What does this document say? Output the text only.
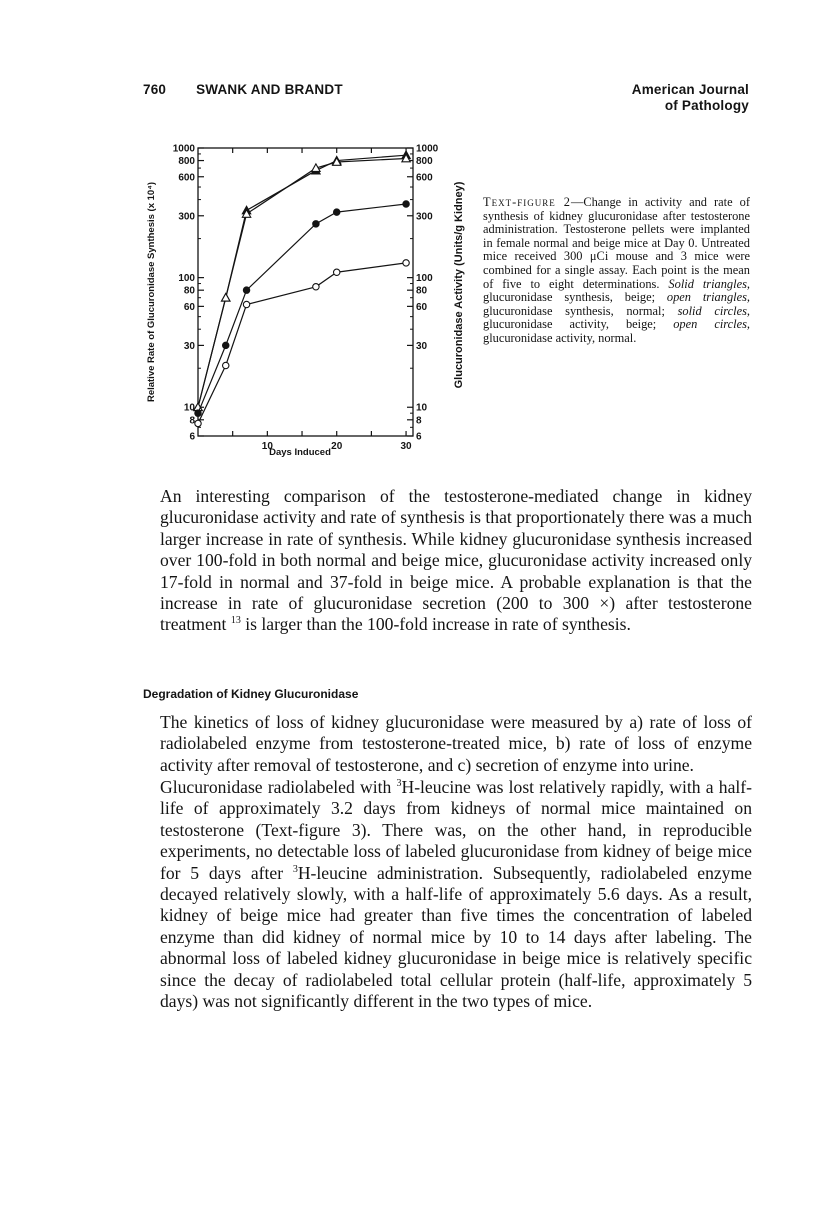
760 SWANK AND BRANDT	American Journal
of Pathology
6
8
10
30
60
80
100
300
600
800
1000
6
8
10
30
60
80
100
300
600
800
1000
10	20	30
Relative Rate of Glucuronidase Synthesis (x 10⁴)	Glucuronidase Activity (Units/g Kidney)
Days Induced
Text-figure 2—Change in activity and rate of synthesis of kidney glucuronidase after testosterone administration. Testosterone pellets were implanted in female normal and beige mice at Day 0. Untreated mice received 300 μCi mouse and 3 mice were combined for a single assay. Each point is the mean of five to eight determinations. Solid triangles, glucuronidase synthesis, beige; open triangles, glucuronidase synthesis, normal; solid circles, glucuronidase activity, beige; open circles, glucuronidase activity, normal.

An interesting comparison of the testosterone-mediated change in kidney glucuronidase activity and rate of synthesis is that proportionately there was a much larger increase in rate of synthesis. While kidney glucuronidase synthesis increased over 100-fold in both normal and beige mice, glucuronidase activity increased only 17-fold in normal and 37-fold in beige mice. A probable explanation is that the increase in rate of glucuronidase secretion (200 to 300 ×) after testosterone treatment $^{13}$ is larger than the 100-fold increase in rate of synthesis.

Degradation of Kidney Glucuronidase

The kinetics of loss of kidney glucuronidase were measured by a) rate of loss of radiolabeled enzyme from testosterone-treated mice, b) rate of loss of enzyme activity after removal of testosterone, and c) secretion of enzyme into urine.

Glucuronidase radiolabeled with $^3$H-leucine was lost relatively rapidly, with a half-life of approximately 3.2 days from kidneys of normal mice maintained on testosterone (Text-figure 3). There was, on the other hand, in reproducible experiments, no detectable loss of labeled glucuronidase from kidney of beige mice for 5 days after $^3$H-leucine administration. Subsequently, radiolabeled enzyme decayed relatively slowly, with a half-life of approximately 5.6 days. As a result, kidney of beige mice had greater than five times the concentration of labeled enzyme than did kidney of normal mice by 10 to 14 days after labeling. The abnormal loss of labeled kidney glucuronidase in beige mice is relatively specific since the decay of radiolabeled total cellular protein (half-life, approximately 5 days) was not significantly different in the two types of mice.
